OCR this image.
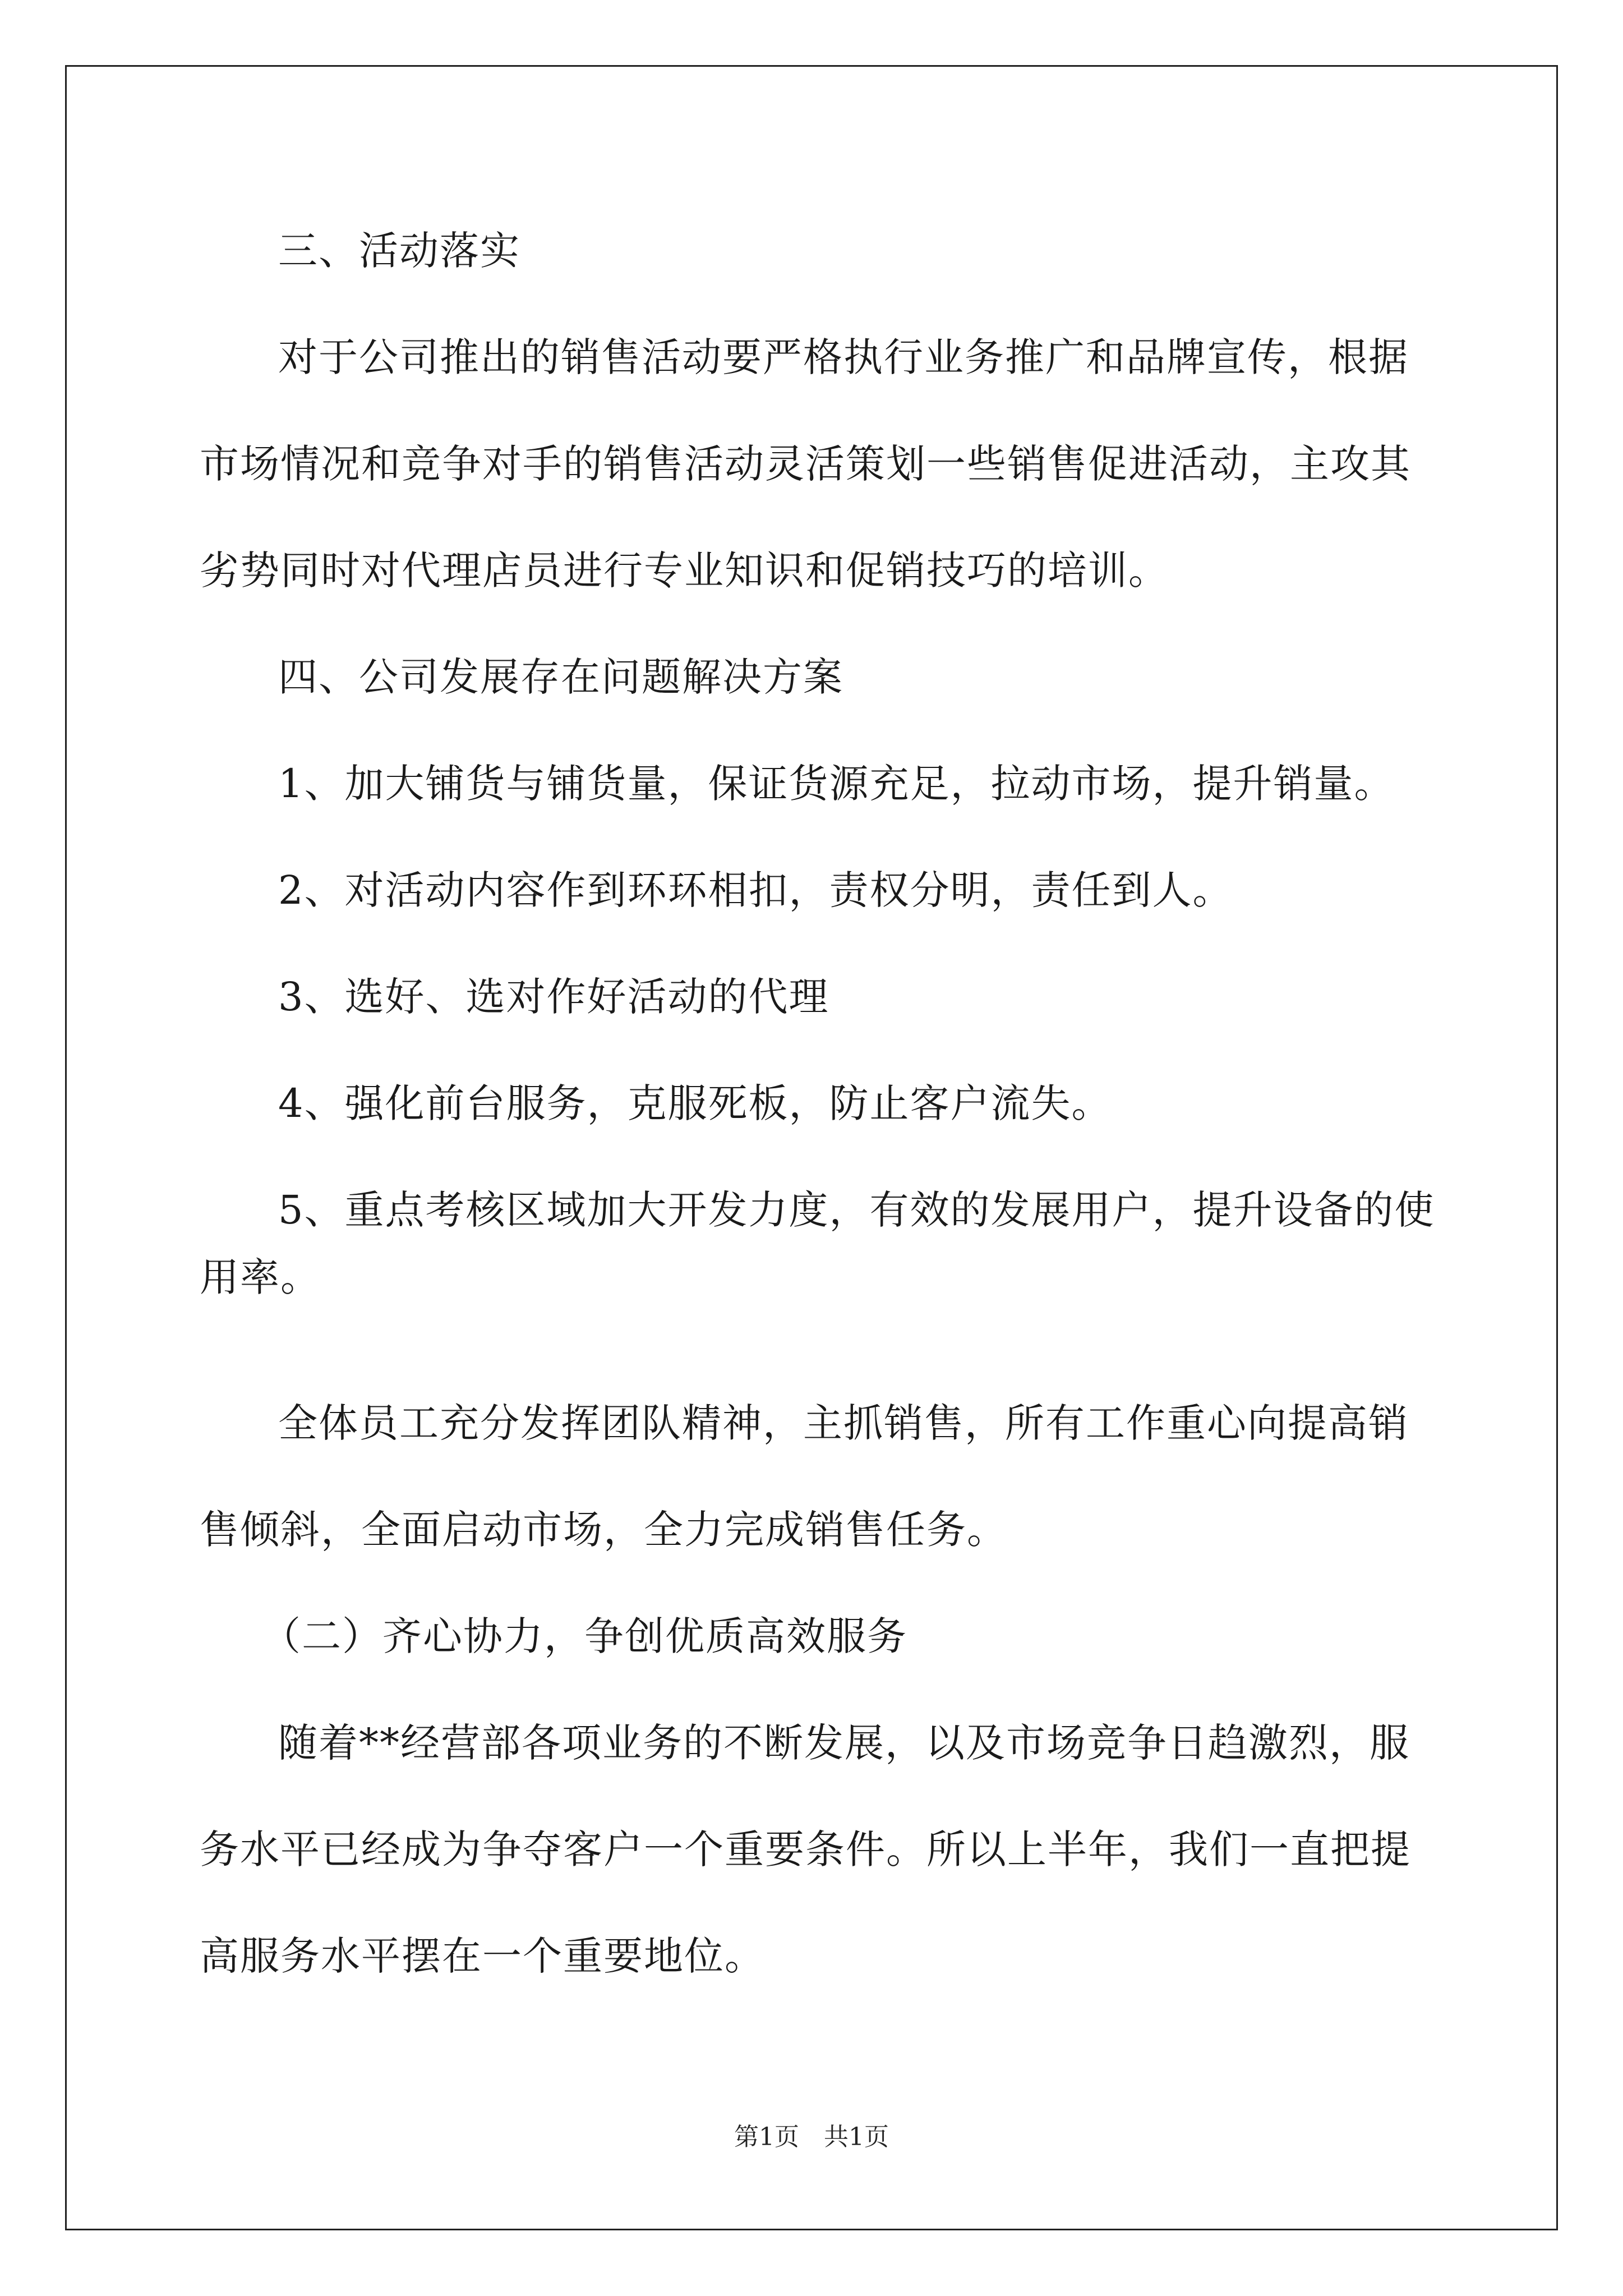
三、活动落实

对于公司推出的销售活动要严格执行业务推广和品牌宣传，根据

市场情况和竞争对手的销售活动灵活策划一些销售促进活动，主攻其

劣势同时对代理店员进行专业知识和促销技巧的培训。

四、公司发展存在问题解决方案

1、加大铺货与铺货量，保证货源充足，拉动市场，提升销量。

2、对活动内容作到环环相扣，责权分明，责任到人。

3、选好、选对作好活动的代理

4、强化前台服务，克服死板，防止客户流失。

5、重点考核区域加大开发力度，有效的发展用户，提升设备的使

用率。

全体员工充分发挥团队精神，主抓销售，所有工作重心向提高销

售倾斜，全面启动市场，全力完成销售任务。

（二）齐心协力，争创优质高效服务

随着**经营部各项业务的不断发展，以及市场竞争日趋激烈，服

务水平已经成为争夺客户一个重要条件。所以上半年，我们一直把提

高服务水平摆在一个重要地位。

第1页　共1页
